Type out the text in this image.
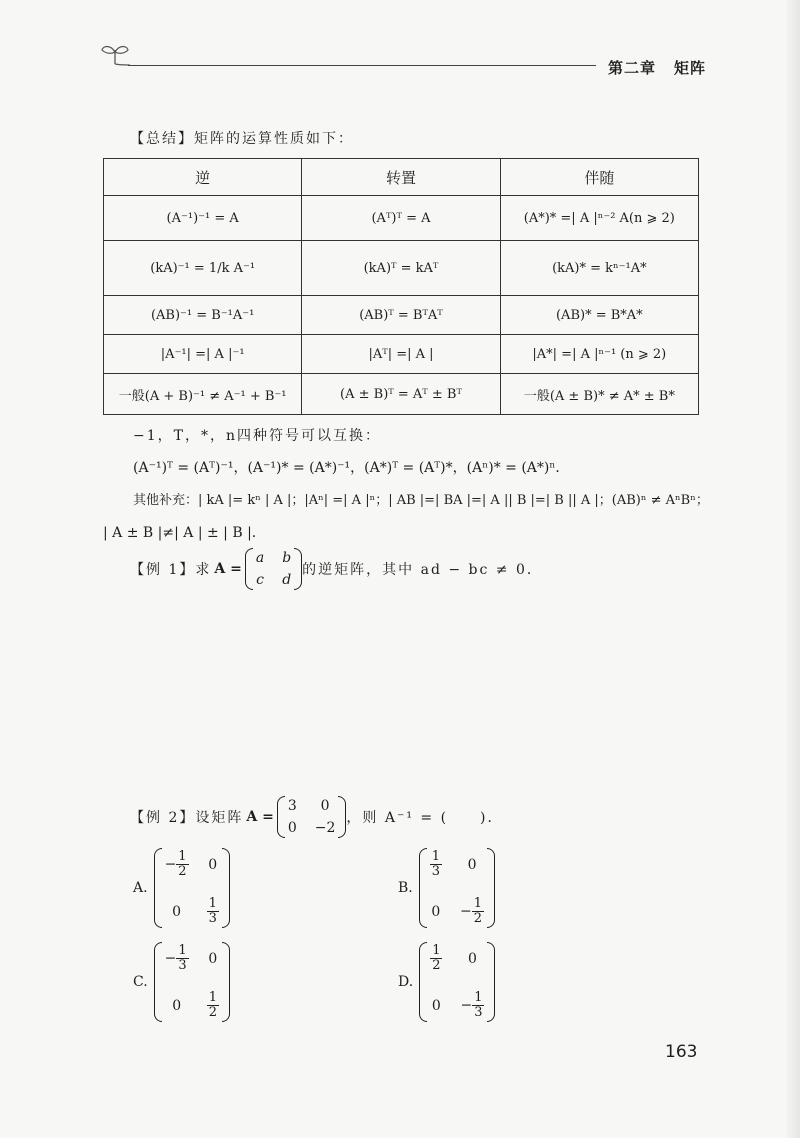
第二章 矩阵
【总结】矩阵的运算性质如下：
逆	转置	伴随
(A⁻¹)⁻¹ = A	(Aᵀ)ᵀ = A	(A*)* =| A |ⁿ⁻² A(n ⩾ 2)
(kA)⁻¹ = 1/k A⁻¹	(kA)ᵀ = kAᵀ	(kA)* = kⁿ⁻¹A*
(AB)⁻¹ = B⁻¹A⁻¹	(AB)ᵀ = BᵀAᵀ	(AB)* = B*A*
|A⁻¹| =| A |⁻¹	|Aᵀ| =| A |	|A*| =| A |ⁿ⁻¹ (n ⩾ 2)
一般(A + B)⁻¹ ≠ A⁻¹ + B⁻¹	(A ± B)ᵀ = Aᵀ ± Bᵀ	一般(A ± B)* ≠ A* ± B*
−1，T，*，n四种符号可以互换：
(A⁻¹)ᵀ = (Aᵀ)⁻¹，(A⁻¹)* = (A*)⁻¹，(A*)ᵀ = (Aᵀ)*，(Aⁿ)* = (A*)ⁿ．
其他补充：| kA |= kⁿ | A |；|Aⁿ| =| A |ⁿ；| AB |=| BA |=| A || B |=| B || A |；(AB)ⁿ ≠ AⁿBⁿ；
| A ± B |≠| A | ± | B |．
【例 1】求 A =
a b
c d
的逆矩阵，其中 ad − bc ≠ 0．
【例 2】设矩阵 A =
3 0
0 −2
，则 A⁻¹ = (　　)．
A.
− $\frac{1}{2} 0$
$0 \frac{1}{3}$
B.
$\frac{1}{3} 0$
$0 - \frac{1}{2}$
C.
− $\frac{1}{3} 0$
$0 \frac{1}{2}$
D.
$\frac{1}{2} 0$
$0 - \frac{1}{3}$
163
